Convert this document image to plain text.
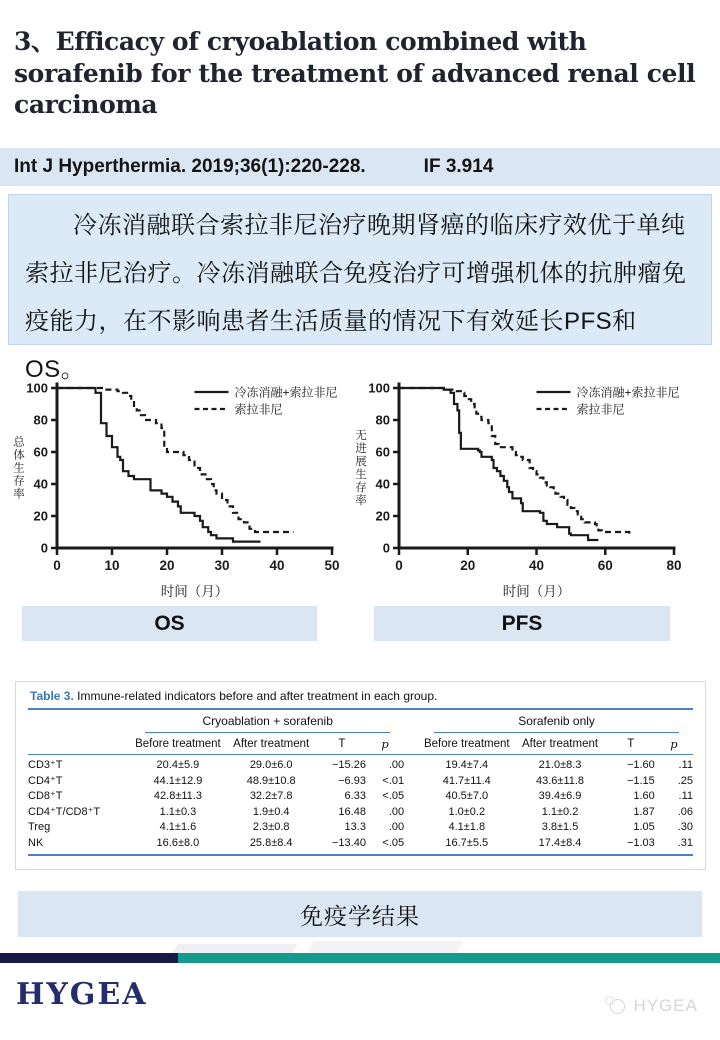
3、Efficacy of cryoablation combined with sorafenib for the treatment of advanced renal cell carcinoma
Int J Hyperthermia. 2019;36(1):220-228.	IF 3.914

冷冻消融联合索拉非尼治疗晚期肾癌的临床疗效优于单纯索拉非尼治疗。冷冻消融联合免疫治疗可增强机体的抗肿瘤免疫能力，在不影响患者生活质量的情况下有效延长PFS和OS。

0
20
40
60
80
100
0	10	20	30	40	50
时间（月）
总
体
生
存
率
冷冻消融+索拉非尼
索拉非尼
0
20
40
60
80
100
0	20	40	60	80
时间（月）
无
进
展
生
存
率
冷冻消融+索拉非尼
索拉非尼
OS	PFS
Table 3. Immune-related indicators before and after treatment in each group.

	Cryoablation + sorafenib					Sorafenib only			

	Before treatment	After treatment	T	p		Before treatment	After treatment	T	p
CD3⁺T	20.4±5.9	29.0±6.0	−15.26	.00		19.4±7.4	21.0±8.3	−1.60	.11
CD4⁺T	44.1±12.9	48.9±10.8	−6.93	<.01		41.7±11.4	43.6±11.8	−1.15	.25
CD8⁺T	42.8±11.3	32.2±7.8	6.33	<.05		40.5±7.0	39.4±6.9	1.60	.11
CD4⁺T/CD8⁺T	1.1±0.3	1.9±0.4	16.48	.00		1.0±0.2	1.1±0.2	1.87	.06
Treg	4.1±1.6	2.3±0.8	13.3	.00		4.1±1.8	3.8±1.5	1.05	.30
NK	16.6±8.0	25.8±8.4	−13.40	<.05		16.7±5.5	17.4±8.4	−1.03	.31
免疫学结果
HYGEA	HYGEA
